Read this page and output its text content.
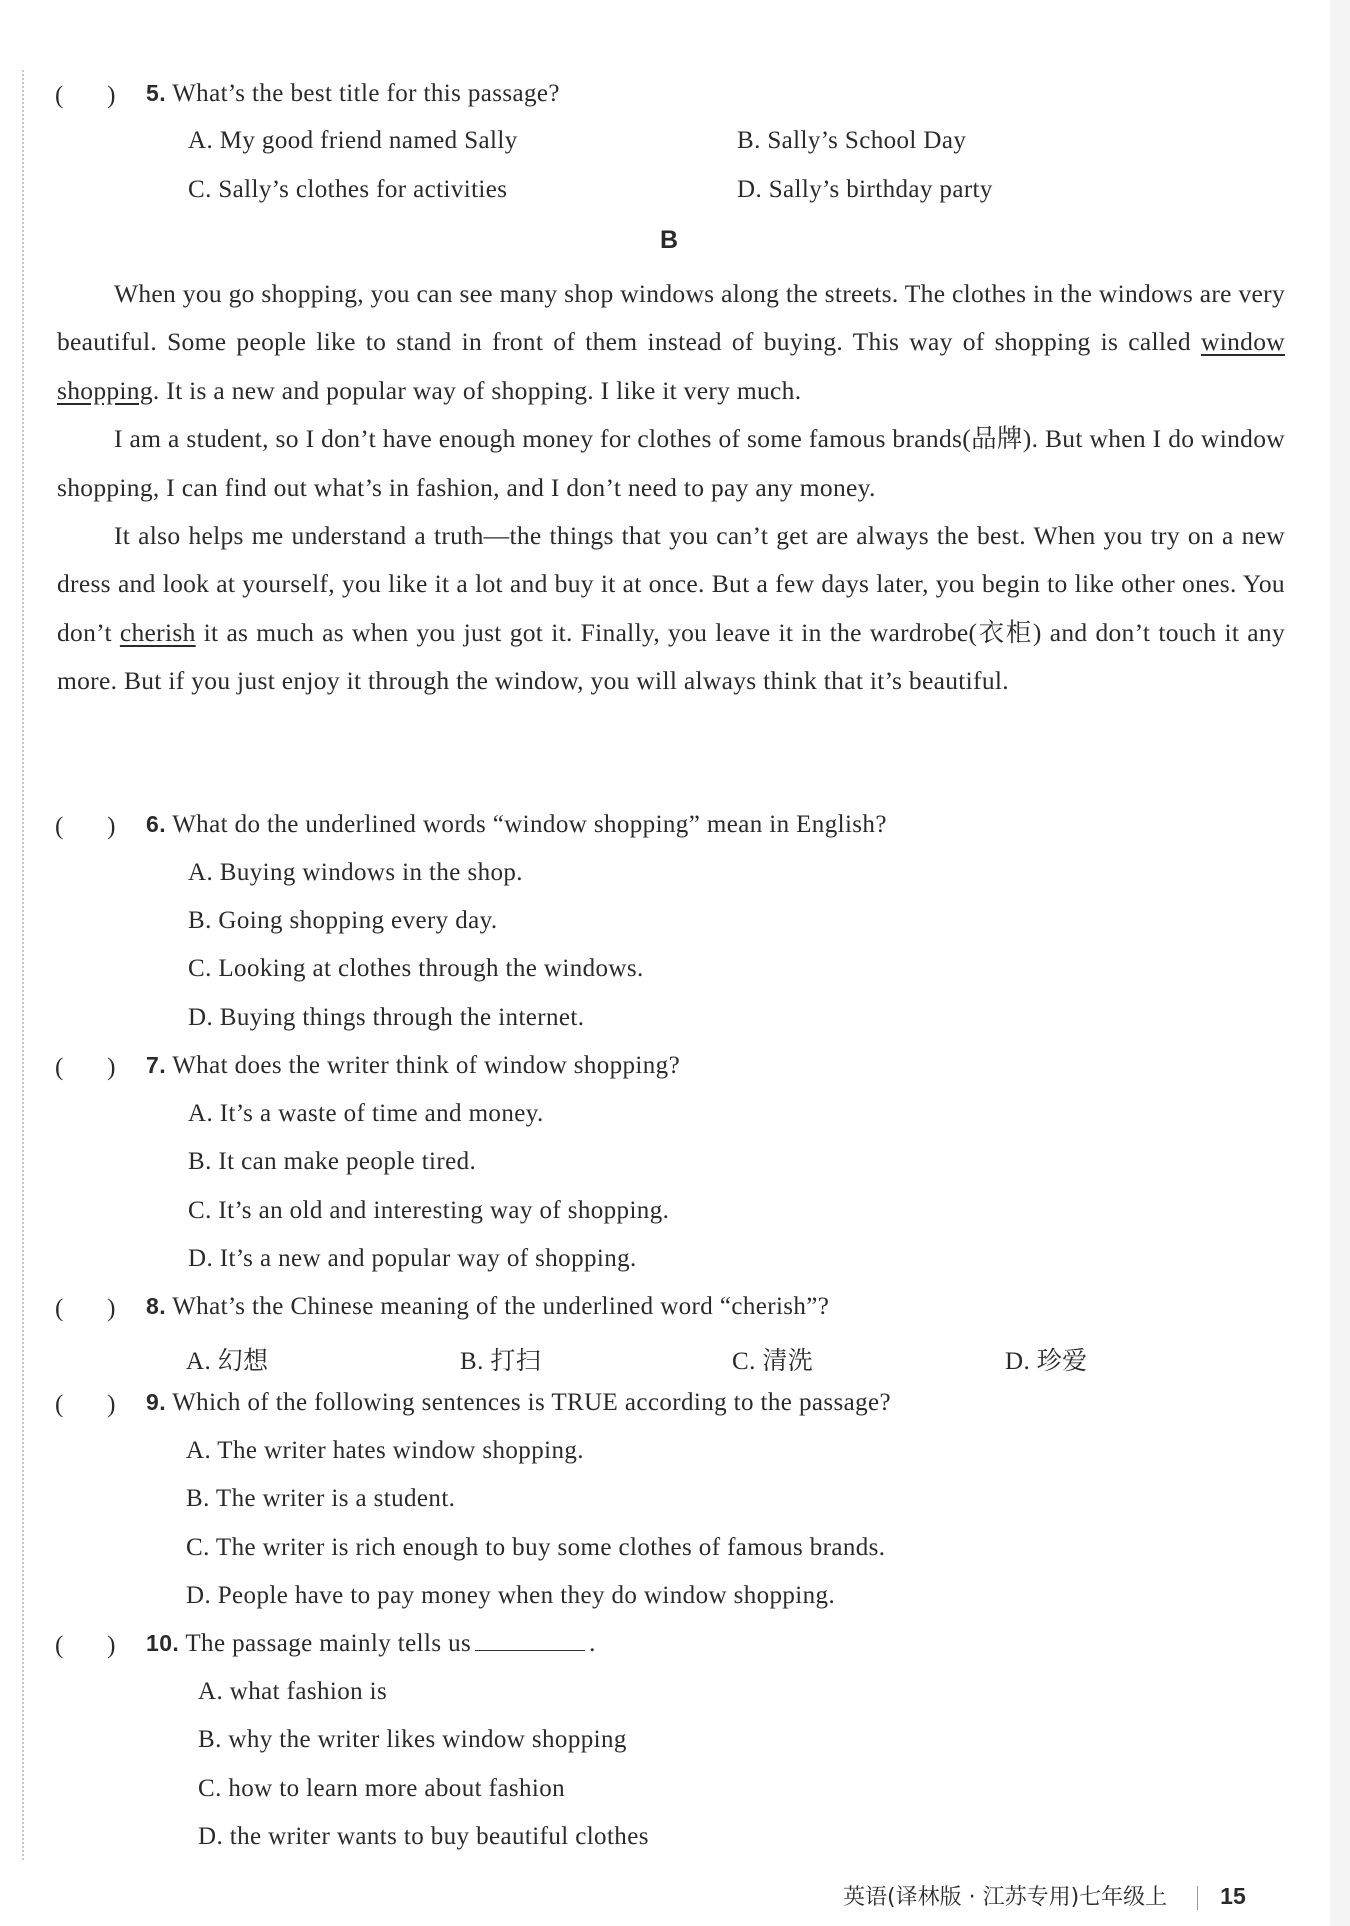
(       ) 5. What’s the best title for this passage?
A. My good friend named Sally	B. Sally’s School Day
C. Sally’s clothes for activities	D. Sally’s birthday party
B

When you go shopping, you can see many shop windows along the streets. The clothes in the windows are very beautiful. Some people like to stand in front of them instead of buying. This way of shopping is called window shopping. It is a new and popular way of shopping. I like it very much.

I am a student, so I don’t have enough money for clothes of some famous brands(品牌). But when I do window shopping, I can find out what’s in fashion, and I don’t need to pay any money.

It also helps me understand a truth—the things that you can’t get are always the best. When you try on a new dress and look at yourself, you like it a lot and buy it at once. But a few days later, you begin to like other ones. You don’t cherish it as much as when you just got it. Finally, you leave it in the wardrobe(衣柜) and don’t touch it any more. But if you just enjoy it through the window, you will always think that it’s beautiful.

(       ) 6. What do the underlined words “window shopping” mean in English?
A. Buying windows in the shop.
B. Going shopping every day.
C. Looking at clothes through the windows.
D. Buying things through the internet.
(       ) 7. What does the writer think of window shopping?
A. It’s a waste of time and money.
B. It can make people tired.
C. It’s an old and interesting way of shopping.
D. It’s a new and popular way of shopping.
(       ) 8. What’s the Chinese meaning of the underlined word “cherish”?
A. 幻想	B. 打扫	C. 清洗	D. 珍爱
(       ) 9. Which of the following sentences is TRUE according to the passage?
A. The writer hates window shopping.
B. The writer is a student.
C. The writer is rich enough to buy some clothes of famous brands.
D. People have to pay money when they do window shopping.
(       ) 10. The passage mainly tells us	.
A. what fashion is
B. why the writer likes window shopping
C. how to learn more about fashion
D. the writer wants to buy beautiful clothes
英语(译林版 · 江苏专用)七年级上 15
